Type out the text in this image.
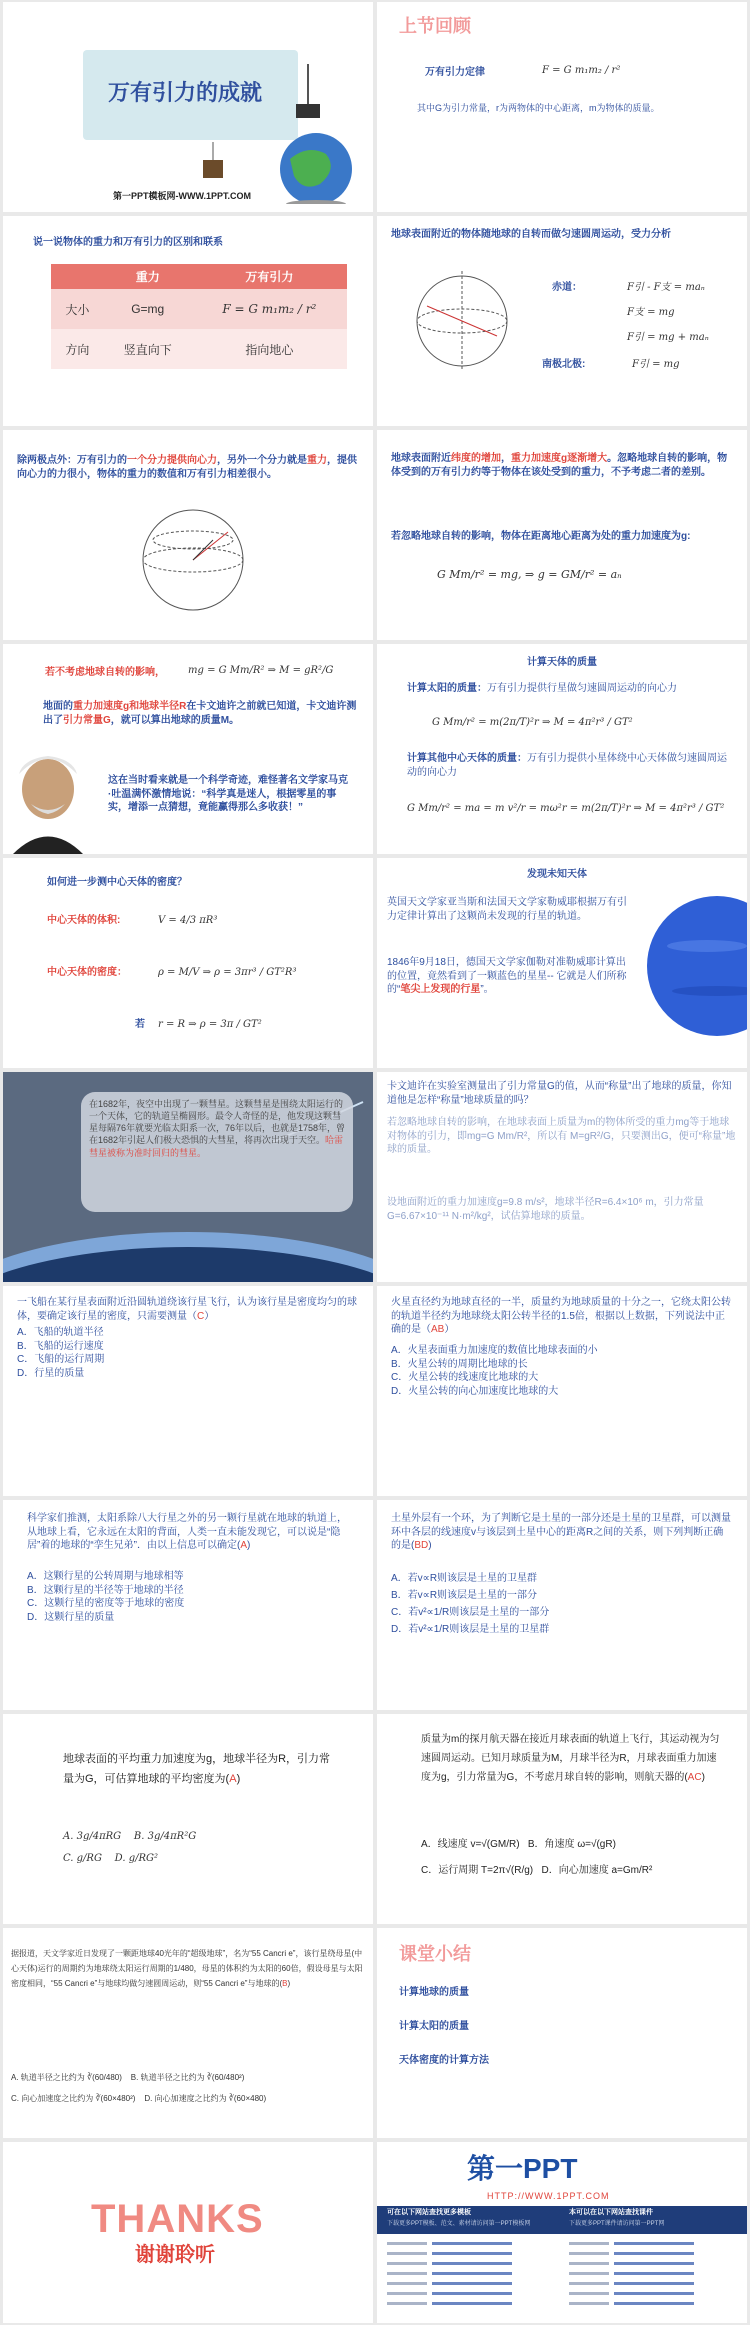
万有引力的成就
第一PPT模板网-WWW.1PPT.COM
上节回顾
万有引力定律	F = G m₁m₂ / r²
其中G为引力常量，r为两物体的中心距离，m为物体的质量。
说一说物体的重力和万有引力的区别和联系
	重力	万有引力
大小	G=mg	F = G m₁m₂ / r²
方向	竖直向下	指向地心
地球表面附近的物体随地球的自转而做匀速圆周运动，受力分析
赤道：	F引 - F支 = maₙ
F支 = mg
F引 = mg + maₙ
南极北极:	F引 = mg
除两极点外：万有引力的一个分力提供向心力，另外一个分力就是重力，提供向心力的力很小，物体的重力的数值和万有引力相差很小。
地球表面附近纬度的增加，重力加速度g逐渐增大。忽略地球自转的影响，物体受到的万有引力约等于物体在该处受到的重力，不予考虑二者的差别。
若忽略地球自转的影响，物体在距离地心距离为处的重力加速度为g:
G Mm/r² = mg, ⇒ g = GM/r² = aₙ
若不考虑地球自转的影响， mg = G Mm/R² ⇒ M = gR²/G
地面的重力加速度g和地球半径R在卡文迪许之前就已知道，卡文迪许测出了引力常量G，就可以算出地球的质量M。
这在当时看来就是一个科学奇迹，难怪著名文学家马克·吐温满怀激情地说：“科学真是迷人，根据零星的事实，增添一点猜想，竟能赢得那么多收获！”
计算天体的质量
计算太阳的质量：万有引力提供行星做匀速圆周运动的向心力
G Mm/r² = m(2π/T)²r ⇒ M = 4π²r³ / GT²
计算其他中心天体的质量：万有引力提供小星体绕中心天体做匀速圆周运动的向心力
G Mm/r² = ma = m v²/r = mω²r = m(2π/T)²r ⇒ M = 4π²r³ / GT²
如何进一步测中心天体的密度？
中心天体的体积:	V = 4/3 πR³
中心天体的密度：	ρ = M/V ⇒ ρ = 3πr³ / GT²R³
若 r = R ⇒ ρ = 3π / GT²
发现未知天体
英国天文学家亚当斯和法国天文学家勒威耶根据万有引力定律计算出了这颗尚未发现的行星的轨道。
1846年9月18日，德国天文学家伽勒对准勒威耶计算出的位置，竟然看到了一颗蓝色的星星-- 它就是人们所称的“笔尖上发现的行星”。
在1682年，夜空中出现了一颗彗星。这颗彗星是围绕太阳运行的一个天体，它的轨道呈椭圆形。最令人奇怪的是，他发现这颗彗星每隔76年就要光临太阳系一次，76年以后，也就是1758年，曾在1682年引起人们极大恐惧的大彗星，将再次出现于天空。哈雷彗星被称为准时回归的彗星。
卡文迪许在实验室测量出了引力常量G的值，从而“称量”出了地球的质量，你知道他是怎样“称量”地球质量的吗？
若忽略地球自转的影响，在地球表面上质量为m的物体所受的重力mg等于地球对物体的引力，即mg=G Mm/R²，所以有 M=gR²/G，只要测出G，便可“称量”地球的质量。
设地面附近的重力加速度g=9.8 m/s²，地球半径R=6.4×10⁶ m，引力常量G=6.67×10⁻¹¹ N·m²/kg²，试估算地球的质量。
一飞船在某行星表面附近沿圆轨道绕该行星飞行，认为该行星是密度均匀的球体，要确定该行星的密度，只需要测量（C）

A．飞船的轨道半径

B．飞船的运行速度

C．飞船的运行周期

D．行星的质量

火星直径约为地球直径的一半，质量约为地球质量的十分之一，它绕太阳公转的轨道半径约为地球绕太阳公转半径的1.5倍，根据以上数据，下列说法中正确的是（AB）

A．火星表面重力加速度的数值比地球表面的小

B．火星公转的周期比地球的长

C．火星公转的线速度比地球的大

D．火星公转的向心加速度比地球的大

科学家们推测，太阳系除八大行星之外的另一颗行星就在地球的轨道上，从地球上看，它永远在太阳的背面，人类一直未能发现它，可以说是“隐居”着的地球的“孪生兄弟”．由以上信息可以确定(A)

A．这颗行星的公转周期与地球相等

B．这颗行星的半径等于地球的半径

C．这颗行星的密度等于地球的密度

D．这颗行星的质量

土星外层有一个环，为了判断它是土星的一部分还是土星的卫星群，可以测量环中各层的线速度v与该层到土星中心的距离R之间的关系，则下列判断正确的是(BD)

A．若v∝R则该层是土星的卫星群

B．若v∝R则该层是土星的一部分

C．若v²∝1/R则该层是土星的一部分

D．若v²∝1/R则该层是土星的卫星群

地球表面的平均重力加速度为g，地球半径为R，引力常量为G，可估算地球的平均密度为(A)
A. 3g/4πRG B. 3g/4πR²G
C. g/RG D. g/RG²
质量为m的探月航天器在接近月球表面的轨道上飞行，其运动视为匀速圆周运动。已知月球质量为M，月球半径为R，月球表面重力加速度为g，引力常量为G，不考虑月球自转的影响，则航天器的(AC)
A．线速度 v=√(GM/R) B．角速度 ω=√(gR)
C．运行周期 T=2π√(R/g) D．向心加速度 a=Gm/R²
据报道，天文学家近日发现了一颗距地球40光年的“超级地球”，名为“55 Cancri e”，该行星绕母星(中心天体)运行的周期约为地球绕太阳运行周期的1/480，母星的体积约为太阳的60倍，假设母星与太阳密度相同，“55 Cancri e”与地球均做匀速圆周运动，则“55 Cancri e”与地球的(B)
A. 轨道半径之比约为 ∛(60/480) B. 轨道半径之比约为 ∛(60/480²)
C. 向心加速度之比约为 ∛(60×480²) D. 向心加速度之比约为 ∛(60×480)
课堂小结
计算地球的质量
计算太阳的质量
天体密度的计算方法
THANKS
谢谢聆听
第一PPT
HTTP://WWW.1PPT.COM
可在以下网站查找更多模板
下载更多PPT模板、范文、素材请访问第一PPT模板网
本可以在以下网站查找课件
下载更多PPT课件请访问第一PPT网
